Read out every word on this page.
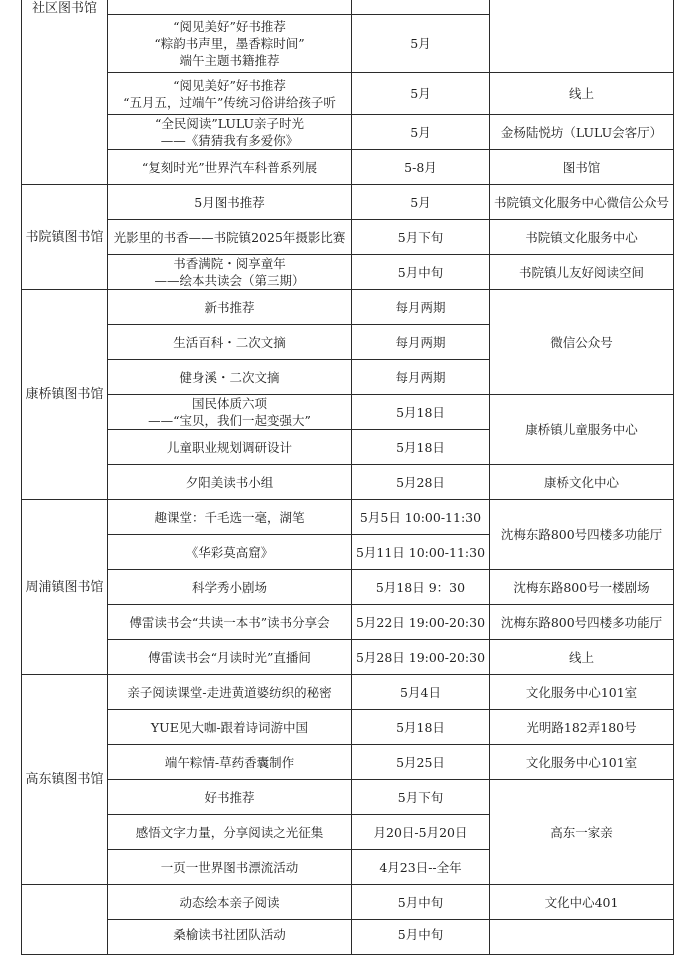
社区图书馆			

	“阅见美好”好书推荐
“粽韵书声里，墨香粽时间”
端午主题书籍推荐	5月	

	“阅见美好”好书推荐
“五月五，过端午”传统习俗讲给孩子听	5月	线上

	“全民阅读”LULU亲子时光
——《猜猜我有多爱你》	5月	金杨陆悦坊（LULU会客厅）
	“复刻时光”世界汽车科普系列展	5-8月	图书馆
书院镇图书馆	5月图书推荐	5月	书院镇文化服务中心微信公众号
	光影里的书香——书院镇2025年摄影比赛	5月下旬	书院镇文化服务中心

	书香满院・阅享童年
——绘本共读会（第三期）	5月中旬	书院镇儿友好阅读空间
康桥镇图书馆	新书推荐	每月两期	微信公众号
	生活百科・二次文摘	每月两期	
	健身溪・二次文摘	每月两期	

	国民体质六项
——“宝贝，我们一起变强大”	5月18日	康桥镇儿童服务中心
	儿童职业规划调研设计	5月18日	
	夕阳美读书小组	5月28日	康桥文化中心
周浦镇图书馆	趣课堂：千毛选一毫，湖笔	5月5日 10:00-11:30	沈梅东路800号四楼多功能厅
	《华彩莫高窟》	5月11日 10:00-11:30	
	科学秀小剧场	5月18日 9：30	沈梅东路800号一楼剧场
	傅雷读书会“共读一本书”读书分享会	5月22日 19:00-20:30	沈梅东路800号四楼多功能厅
	傅雷读书会“月读时光”直播间	5月28日 19:00-20:30	线上
高东镇图书馆	亲子阅读课堂-走进黄道婆纺织的秘密	5月4日	文化服务中心101室
	YUE见大咖-跟着诗词游中国	5月18日	光明路182弄180号
	端午粽情-草药香囊制作	5月25日	文化服务中心101室
	好书推荐	5月下旬	高东一家亲
	感悟文字力量，分享阅读之光征集	月20日-5月20日	
	一页一世界图书漂流活动	4月23日--全年	
	动态绘本亲子阅读	5月中旬	文化中心401
	桑榆读书社团队活动	5月中旬	
